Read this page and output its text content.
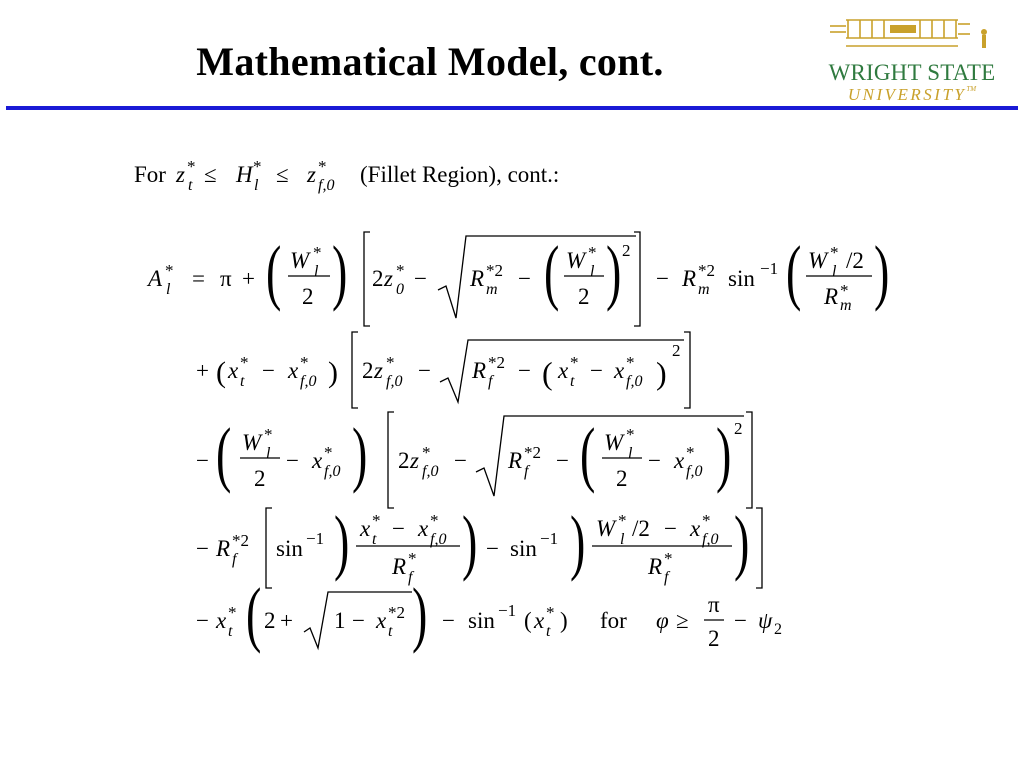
Mathematical Model, cont.	WRIGHT STATE
UNIVERSITY™
For z *
t ≤ H *
l ≤ z *
f,0 (Fillet Region), cont.:
A *
l = π + ( W *
l
2 ) 2 z *
0 − R *2
m − ( W *
l
2 ) 2
− R *2
m sin −1 ( W *
l /2
R *
m )
+ ( x *
t − x *
f,0 ) 2 z *
f,0 − R *2
f − ( x *
t − x *
f,0 )
2
− ( W *
l
2
− x *
f,0 ) 2 z *
f,0 − R *2
f − ( W *
l
2
− x *
f,0 ) 2
− R *2
f sin −1 ) x *
t − x *
f,0
R *
f ) − sin −1 ) W *
l /2 − x *
f,0
R *
f )
− x *
t ( 2 + 1 − x *2
t ) − sin −1 ( x *
t ) for φ ≥
π
2
− ψ 2
